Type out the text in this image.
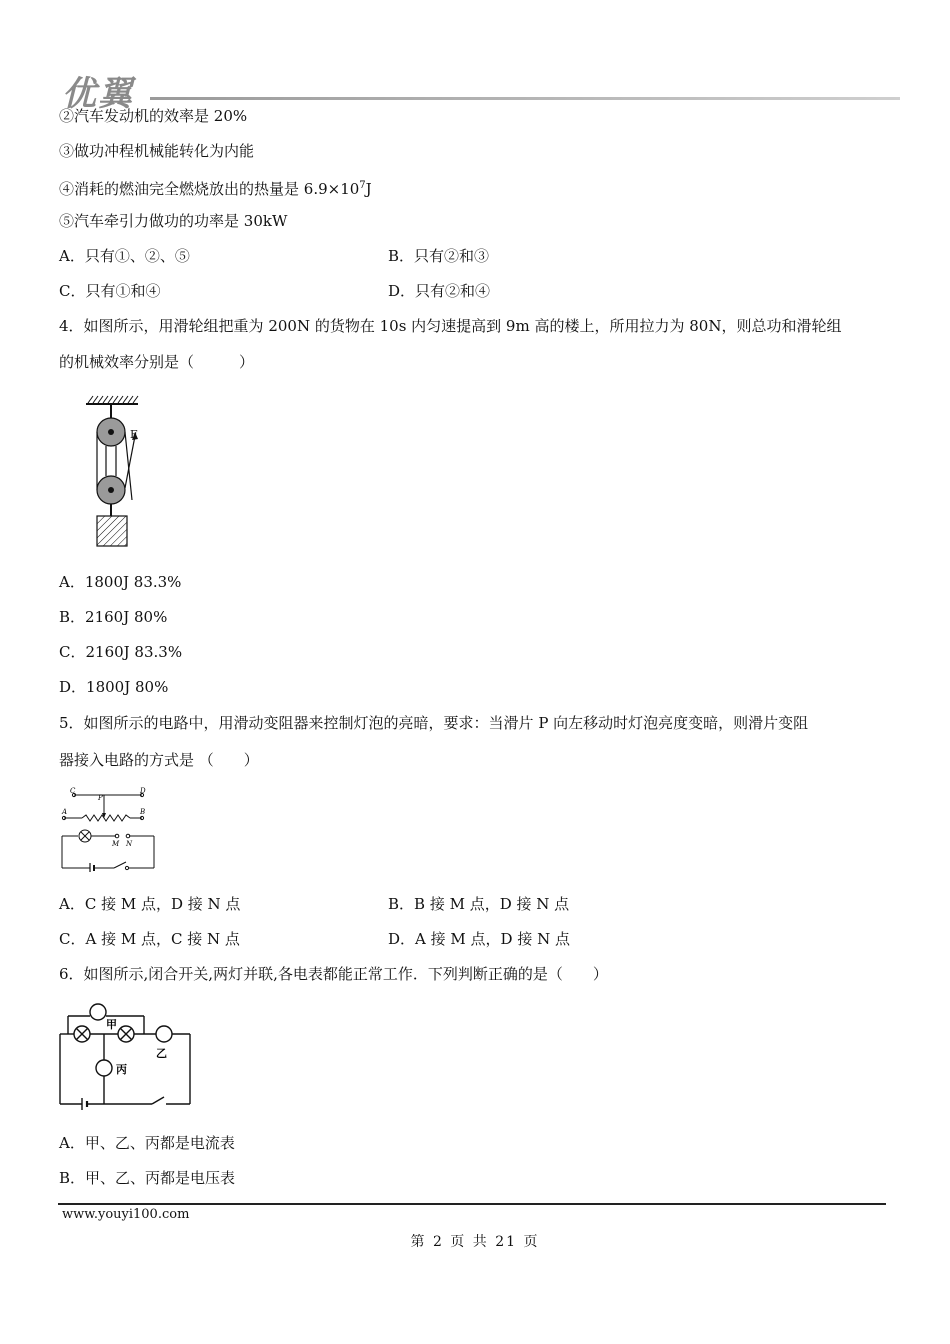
优翼
②汽车发动机的效率是 20%
③做功冲程机械能转化为内能
④消耗的燃油完全燃烧放出的热量是 $6.9\times 10^7J$
⑤汽车牵引力做功的功率是 30kW
A．只有①、②、⑤	B．只有②和③
C．只有①和④	D．只有②和④
4．如图所示，用滑轮组把重为 200N 的货物在 10s 内匀速提高到 9m 高的楼上，所用拉力为 80N，则总功和滑轮组
的机械效率分别是（　　　）
F
A．1800J 83.3%
B．2160J 80%
C．2160J 83.3%
D．1800J 80%
5．如图所示的电路中，用滑动变阻器来控制灯泡的亮暗，要求：当滑片 P 向左移动时灯泡亮度变暗，则滑片变阻
器接入电路的方式是 （　　）
C
P
D
A	B
M N
A．C 接 M 点，D 接 N 点	B．B 接 M 点，D 接 N 点
C．A 接 M 点，C 接 N 点	D．A 接 M 点，D 接 N 点
6．如图所示,闭合开关,两灯并联,各电表都能正常工作．下列判断正确的是（　　）
甲
乙
丙
A．甲、乙、丙都是电流表
B．甲、乙、丙都是电压表
www.youyi100.com
第 2 页 共 21 页
